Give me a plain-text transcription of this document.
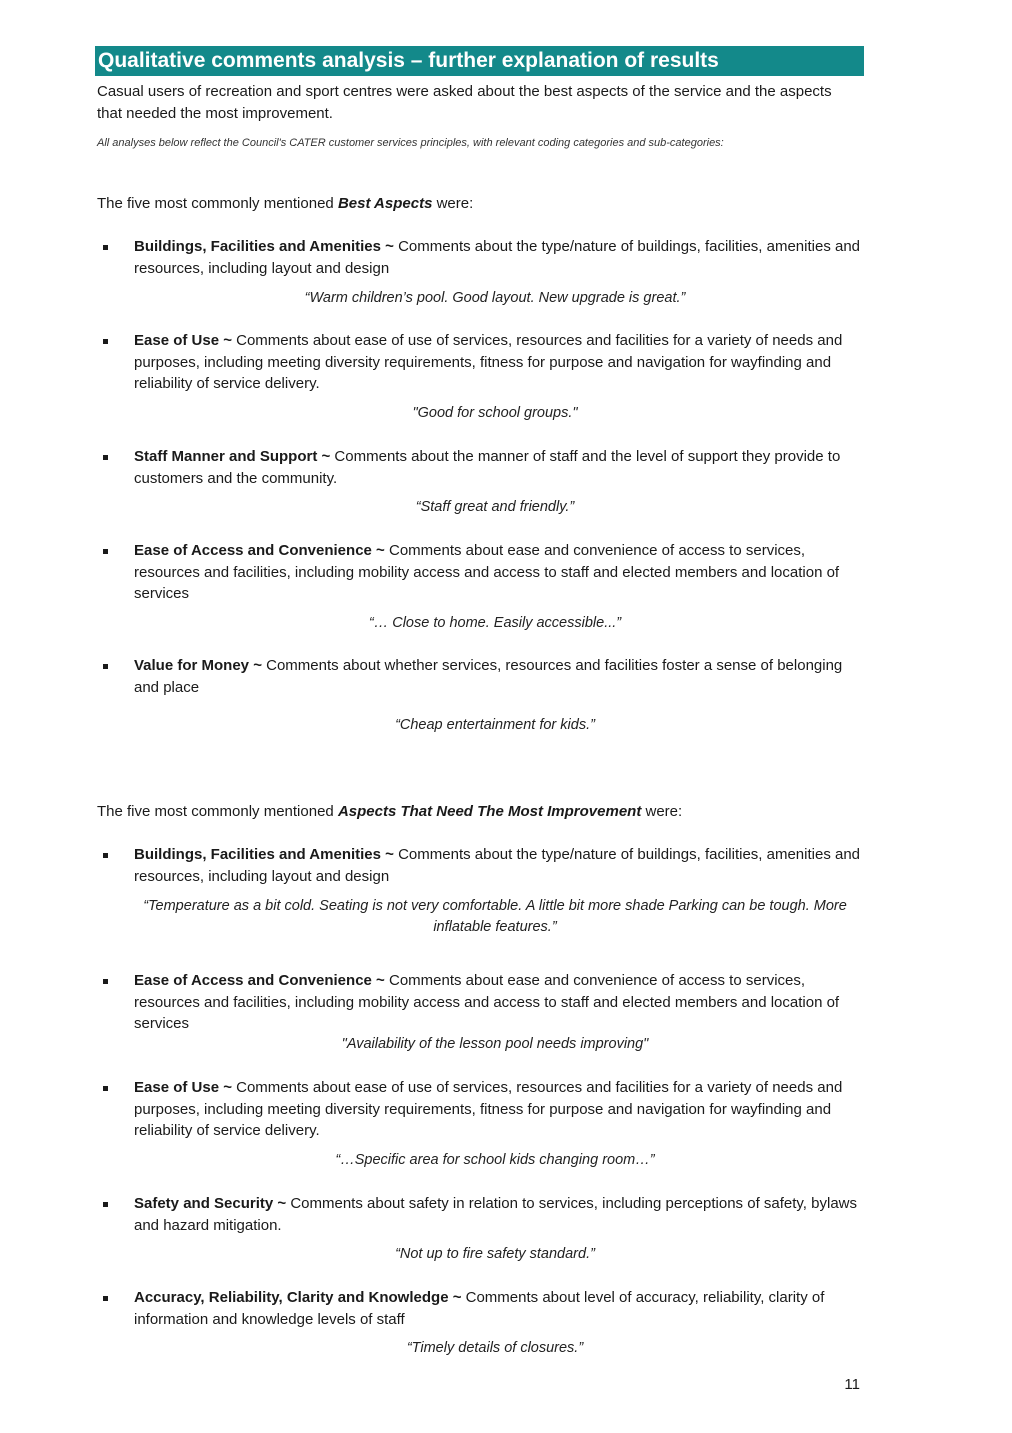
Qualitative comments analysis – further explanation of results

Casual users of recreation and sport centres were asked about the best aspects of the service and the aspects that needed the most improvement.

All analyses below reflect the Council's CATER customer services principles, with relevant coding categories and sub-categories:

The five most commonly mentioned Best Aspects were:

Buildings, Facilities and Amenities ~ Comments about the type/nature of buildings, facilities, amenities and resources, including layout and design

“Warm children’s pool. Good layout. New upgrade is great.”

Ease of Use ~ Comments about ease of use of services, resources and facilities for a variety of needs and purposes, including meeting diversity requirements, fitness for purpose and navigation for wayfinding and reliability of service delivery.

"Good for school groups."

Staff Manner and Support ~ Comments about the manner of staff and the level of support they provide to customers and the community.

“Staff great and friendly.”

Ease of Access and Convenience ~ Comments about ease and convenience of access to services, resources and facilities, including mobility access and access to staff and elected members and location of services

“… Close to home. Easily accessible...”

Value for Money ~ Comments about whether services, resources and facilities foster a sense of belonging and place

“Cheap entertainment for kids.”

The five most commonly mentioned Aspects That Need The Most Improvement were:

Buildings, Facilities and Amenities ~ Comments about the type/nature of buildings, facilities, amenities and resources, including layout and design

“Temperature as a bit cold. Seating is not very comfortable. A little bit more shade Parking can be tough. More inflatable features.”

Ease of Access and Convenience ~ Comments about ease and convenience of access to services, resources and facilities, including mobility access and access to staff and elected members and location of services

"Availability of the lesson pool needs improving"

Ease of Use ~ Comments about ease of use of services, resources and facilities for a variety of needs and purposes, including meeting diversity requirements, fitness for purpose and navigation for wayfinding and reliability of service delivery.

“…Specific area for school kids changing room…”

Safety and Security ~ Comments about safety in relation to services, including perceptions of safety, bylaws and hazard mitigation.

“Not up to fire safety standard.”

Accuracy, Reliability, Clarity and Knowledge ~ Comments about level of accuracy, reliability, clarity of information and knowledge levels of staff

“Timely details of closures.”

11
